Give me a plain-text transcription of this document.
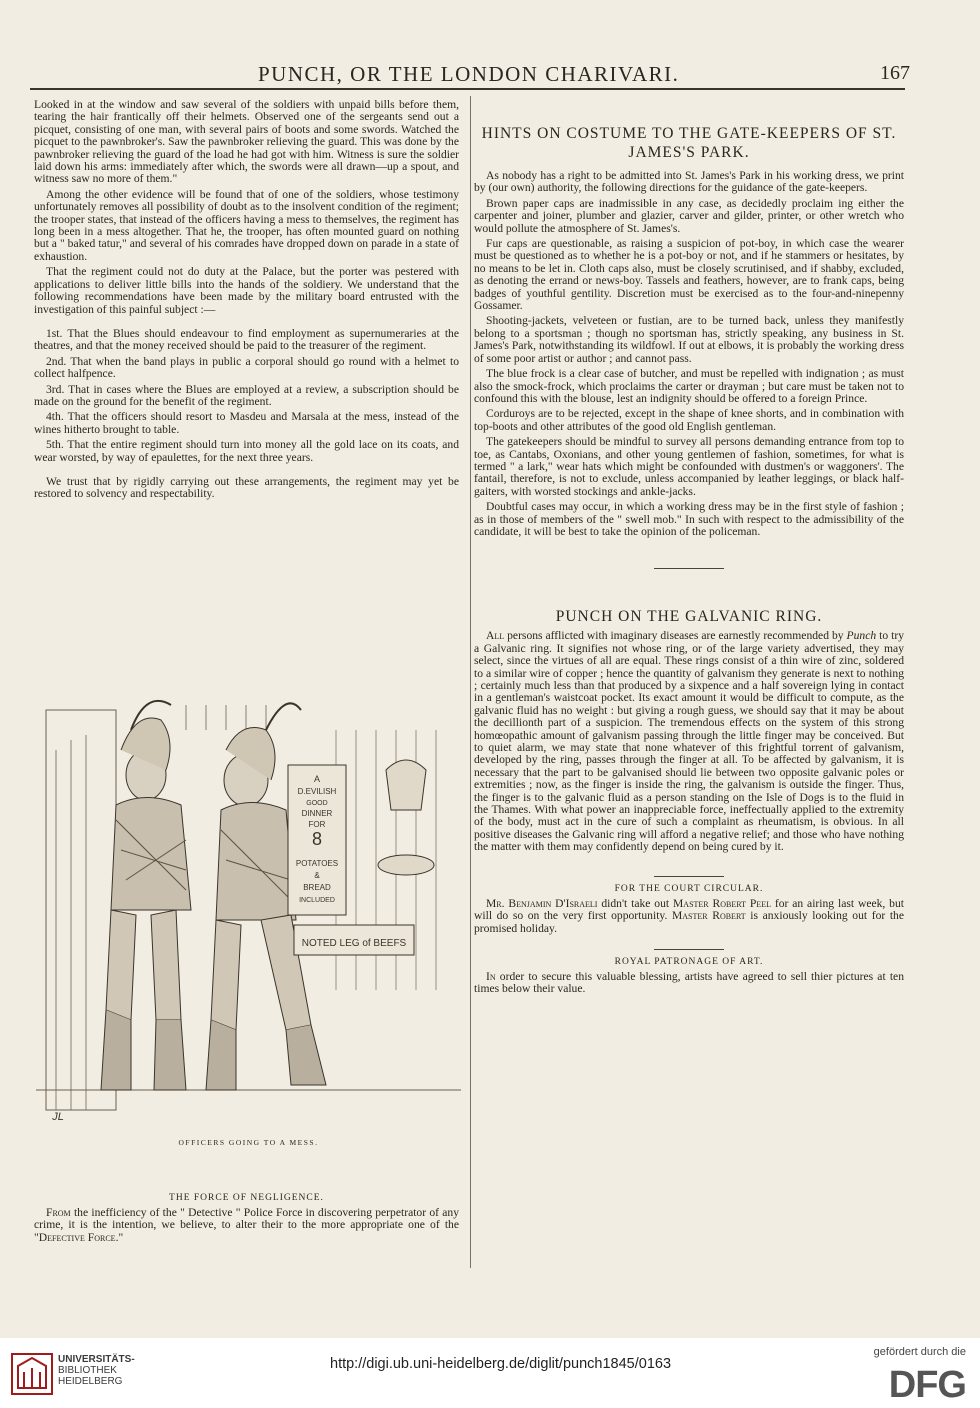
PUNCH, OR THE LONDON CHARIVARI.	167

Looked in at the window and saw several of the soldiers with unpaid bills before them, tearing the hair frantically off their helmets. Observed one of the sergeants send out a picquet, consisting of one man, with several pairs of boots and some swords. Watched the picquet to the pawnbroker's. Saw the pawnbroker relieving the guard. This was done by the pawnbroker relieving the guard of the load he had got with him. Witness is sure the soldier laid down his arms: immediately after which, the swords were all drawn—up a spout, and witness saw no more of them."

Among the other evidence will be found that of one of the soldiers, whose testimony unfortunately removes all possibility of doubt as to the insolvent condition of the regiment; the trooper states, that instead of the officers having a mess to themselves, the regiment has long been in a mess altogether. That he, the trooper, has often mounted guard on nothing but a " baked tatur," and several of his comrades have dropped down on parade in a state of exhaustion.

That the regiment could not do duty at the Palace, but the porter was pestered with applications to deliver little bills into the hands of the soldiery. We understand that the following recommendations have been made by the military board entrusted with the investigation of this painful subject :—

1st. That the Blues should endeavour to find employment as supernumeraries at the theatres, and that the money received should be paid to the treasurer of the regiment.

2nd. That when the band plays in public a corporal should go round with a helmet to collect halfpence.

3rd. That in cases where the Blues are employed at a review, a subscription should be made on the ground for the benefit of the regiment.

4th. That the officers should resort to Masdeu and Marsala at the mess, instead of the wines hitherto brought to table.

5th. That the entire regiment should turn into money all the gold lace on its coats, and wear worsted, by way of epaulettes, for the next three years.

We trust that by rigidly carrying out these arrangements, the regiment may yet be restored to solvency and respectability.

A
D.EVILISH
GOOD
DINNER
FOR
8
POTATOES
&
BREAD
INCLUDED
NOTED LEG of BEEFS
JL
OFFICERS GOING TO A MESS.
THE FORCE OF NEGLIGENCE.

From the inefficiency of the " Detective " Police Force in discovering perpetrator of any crime, it is the intention, we believe, to alter their to the more appropriate one of the "Defective Force."

HINTS ON COSTUME TO THE GATE-KEEPERS OF ST. JAMES'S PARK.

As nobody has a right to be admitted into St. James's Park in his working dress, we print by (our own) authority, the following directions for the guidance of the gate-keepers.

Brown paper caps are inadmissible in any case, as decidedly proclaim ing either the carpenter and joiner, plumber and glazier, carver and gilder, printer, or other wretch who would pollute the atmosphere of St. James's.

Fur caps are questionable, as raising a suspicion of pot-boy, in which case the wearer must be questioned as to whether he is a pot-boy or not, and if he stammers or hesitates, by no means to be let in. Cloth caps also, must be closely scrutinised, and if shabby, excluded, as denoting the errand or news-boy. Tassels and feathers, however, are to frank caps, being badges of youthful gentility. Discretion must be exercised as to the four-and-ninepenny Gossamer.

Shooting-jackets, velveteen or fustian, are to be turned back, unless they manifestly belong to a sportsman ; though no sportsman has, strictly speaking, any business in St. James's Park, notwithstanding its wildfowl. If out at elbows, it is probably the working dress of some poor artist or author ; and cannot pass.

The blue frock is a clear case of butcher, and must be repelled with indignation ; as must also the smock-frock, which proclaims the carter or drayman ; but care must be taken not to confound this with the blouse, lest an indignity should be offered to a foreign Prince.

Corduroys are to be rejected, except in the shape of knee shorts, and in combination with top-boots and other attributes of the good old English gentleman.

The gatekeepers should be mindful to survey all persons demanding entrance from top to toe, as Cantabs, Oxonians, and other young gentlemen of fashion, sometimes, for what is termed " a lark," wear hats which might be confounded with dustmen's or waggoners'. The fantail, therefore, is not to exclude, unless accompanied by leather leggings, or black half-gaiters, with worsted stockings and ankle-jacks.

Doubtful cases may occur, in which a working dress may be in the first style of fashion ; as in those of members of the " swell mob." In such with respect to the admissibility of the candidate, it will be best to take the opinion of the policeman.

PUNCH ON THE GALVANIC RING.

All persons afflicted with imaginary diseases are earnestly recommended by Punch to try a Galvanic ring. It signifies not whose ring, or of the large variety advertised, they may select, since the virtues of all are equal. These rings consist of a thin wire of zinc, soldered to a similar wire of copper ; hence the quantity of galvanism they generate is next to nothing ; certainly much less than that produced by a sixpence and a half sovereign lying in contact in a gentleman's waistcoat pocket. Its exact amount it would be difficult to compute, as the galvanic fluid has no weight : but giving a rough guess, we should say that it may be about the decillionth part of a suspicion. The tremendous effects on the system of this strong homœopathic amount of galvanism passing through the little finger may be conceived. But to quiet alarm, we may state that none whatever of this frightful torrent of galvanism, developed by the ring, passes through the finger at all. To be affected by galvanism, it is necessary that the part to be galvanised should lie between two opposite galvanic poles or extremities ; now, as the finger is inside the ring, the galvanism is outside the finger. Thus, the finger is to the galvanic fluid as a person standing on the Isle of Dogs is to the fluid in the Thames. With what power an inappreciable force, ineffectually applied to the extremity of the body, must act in the cure of such a complaint as rheumatism, is obvious. In all positive diseases the Galvanic ring will afford a negative relief; and those who have nothing the matter with them may confidently depend on being cured by it.

FOR THE COURT CIRCULAR.

Mr. Benjamin D'Israeli didn't take out Master Robert Peel for an airing last week, but will do so on the very first opportunity. Master Robert is anxiously looking out for the promised holiday.

ROYAL PATRONAGE OF ART.

In order to secure this valuable blessing, artists have agreed to sell thier pictures at ten times below their value.

UNIVERSITÄTS-
BIBLIOTHEK
HEIDELBERG
http://digi.ub.uni-heidelberg.de/diglit/punch1845/0163
gefördert durch die
DFG
